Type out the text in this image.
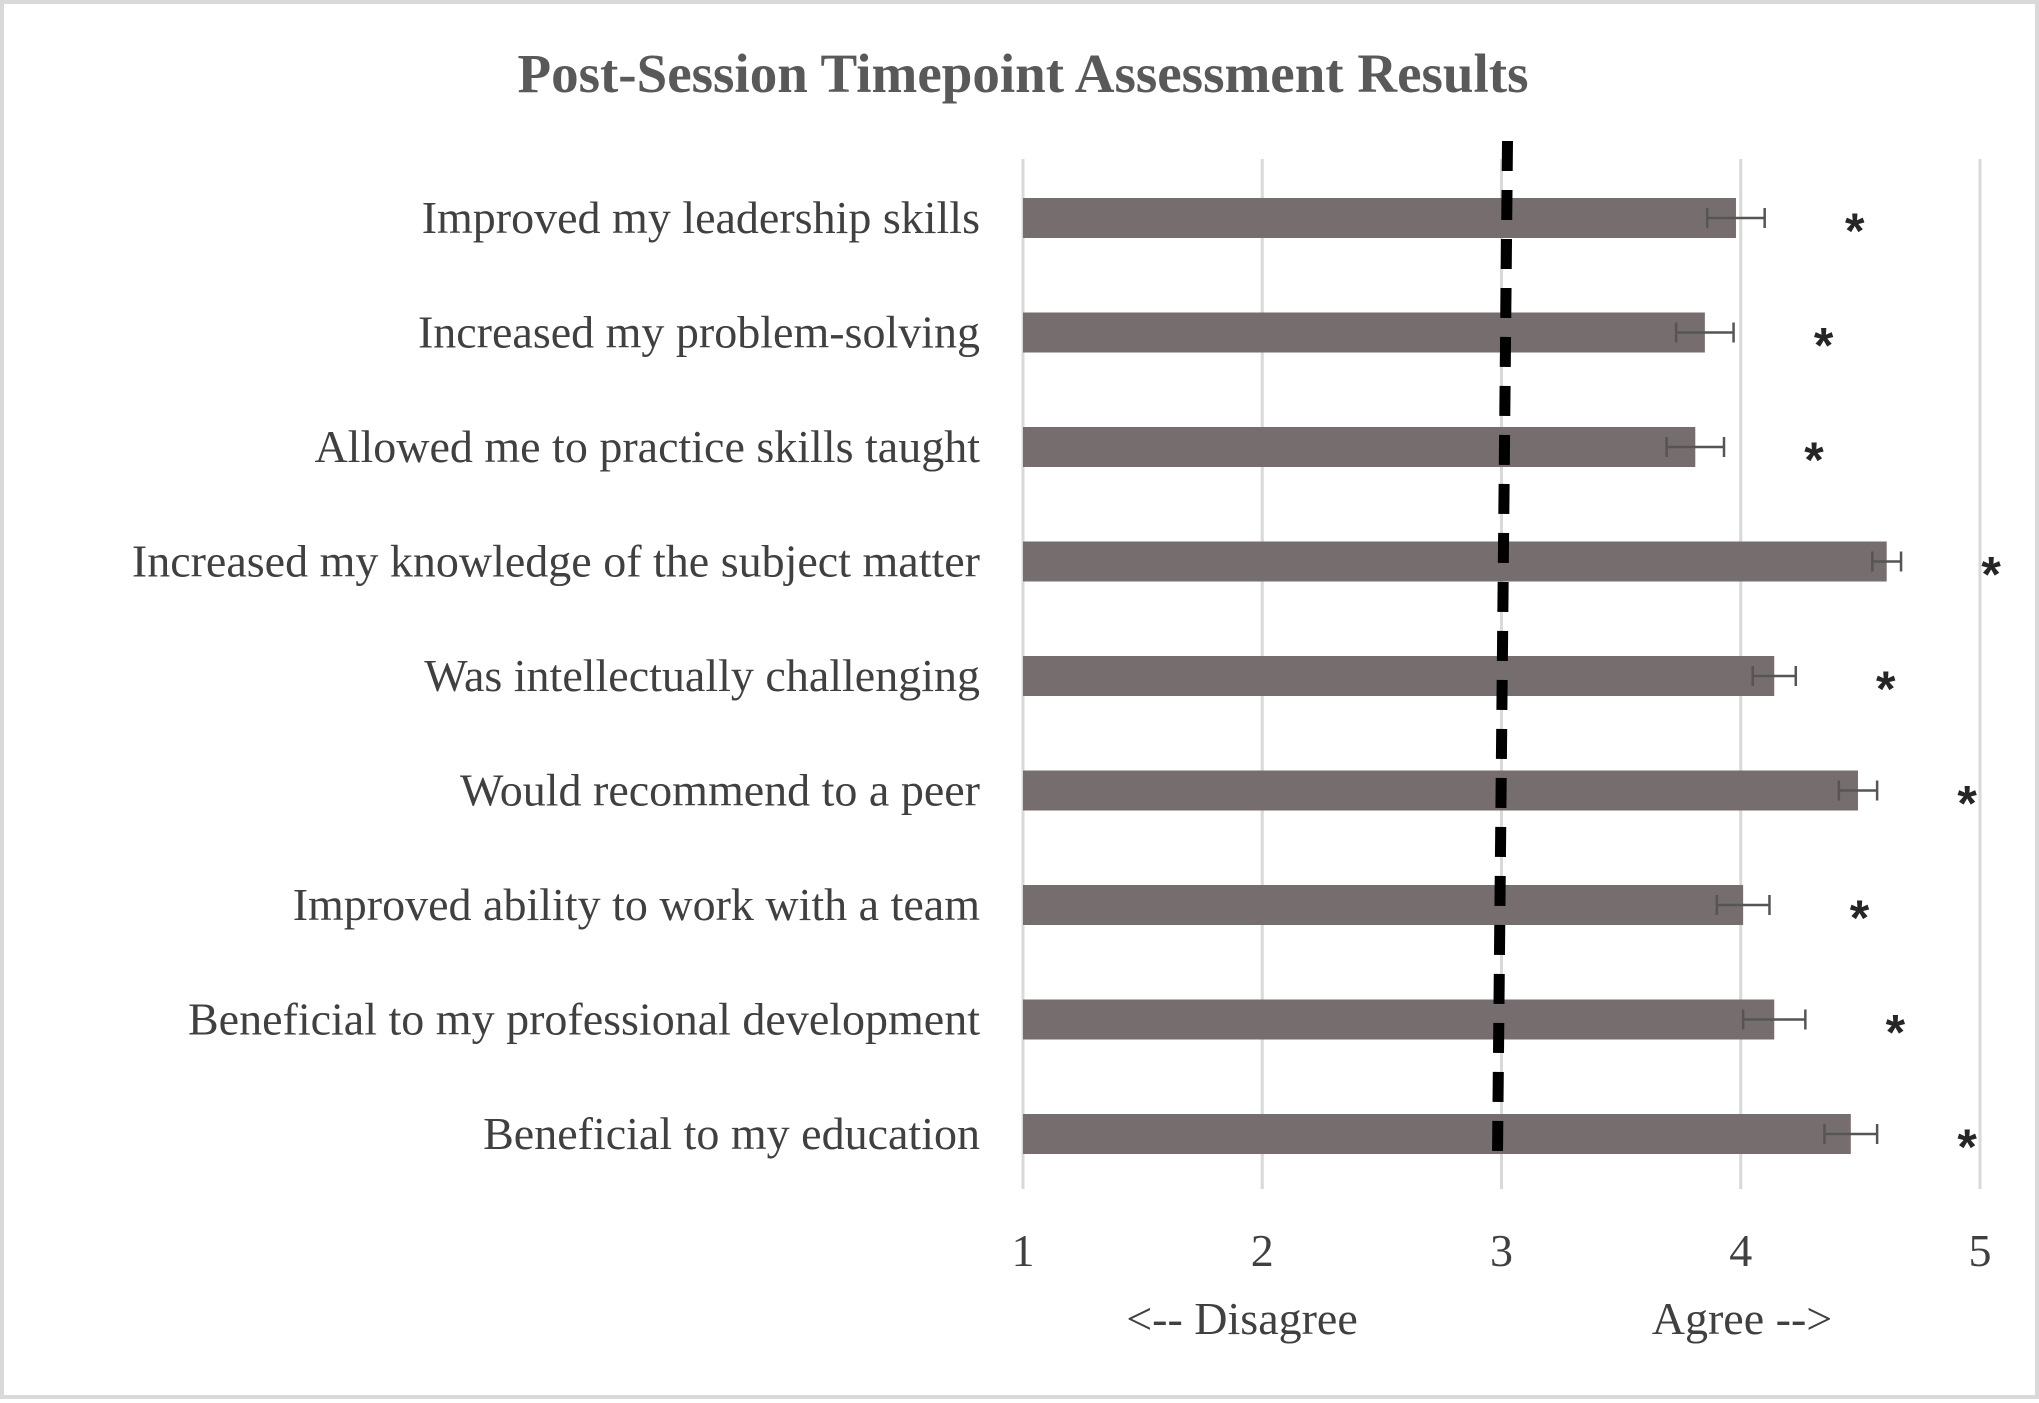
Post-Session Timepoint Assessment Results
Improved my leadership skills	*
Increased my problem-solving	*
Allowed me to practice skills taught	*
Increased my knowledge of the subject matter	*
Was intellectually challenging	*
Would recommend to a peer	*
Improved ability to work with a team	*
Beneficial to my professional development	*
Beneficial to my education	*
1	2	3	4	5
<-- Disagree	Agree -->
